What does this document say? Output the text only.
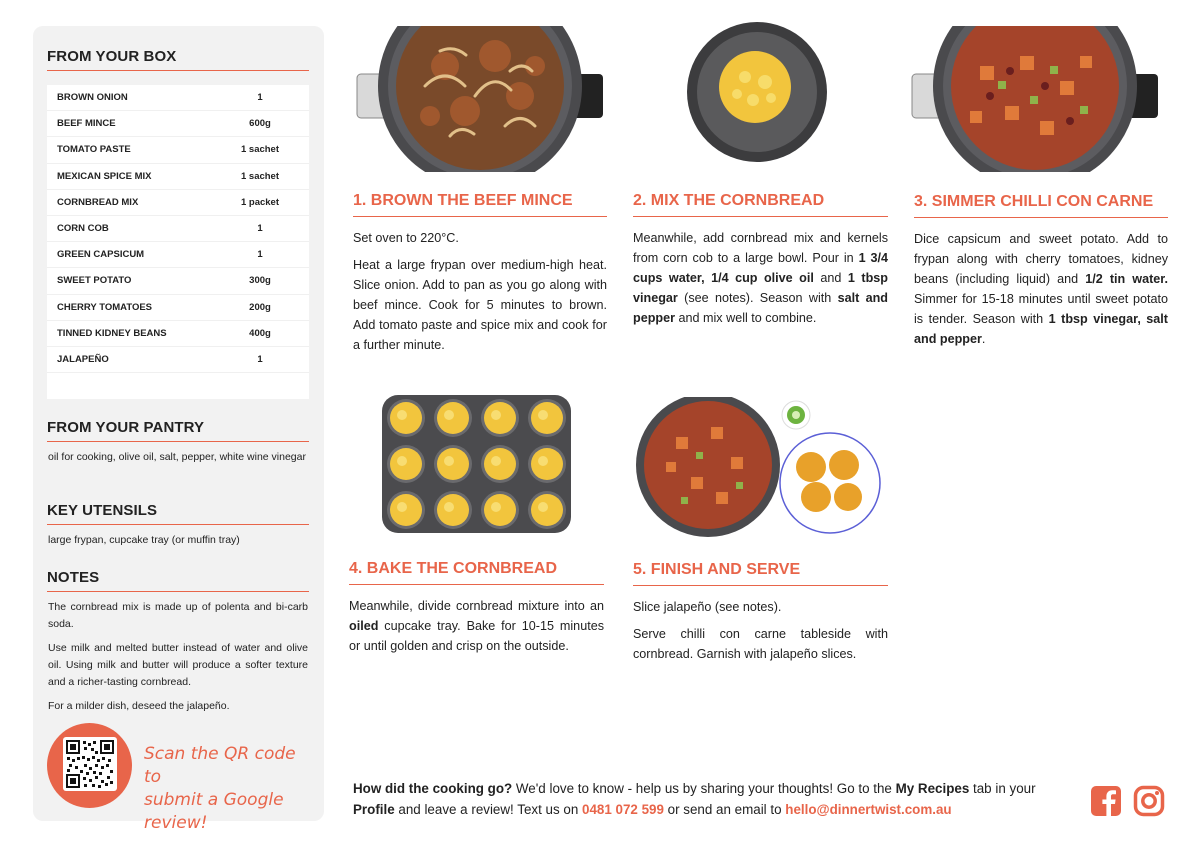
FROM YOUR BOX
BROWN ONION	1
BEEF MINCE	600g
TOMATO PASTE	1 sachet
MEXICAN SPICE MIX	1 sachet
CORNBREAD MIX	1 packet
CORN COB	1
GREEN CAPSICUM	1
SWEET POTATO	300g
CHERRY TOMATOES	200g
TINNED KIDNEY BEANS	400g
JALAPEÑO	1
FROM YOUR PANTRY
oil for cooking, olive oil, salt, pepper, white wine vinegar
KEY UTENSILS
large frypan, cupcake tray (or muffin tray)
NOTES
The cornbread mix is made up of polenta and bi-carb soda.
Use milk and melted butter instead of water and olive oil. Using milk and butter will produce a softer texture and a richer-tasting cornbread.
For a milder dish, deseed the jalapeño.
Scan the QR code to
submit a Google review!
1. BROWN THE BEEF MINCE

Set oven to 220°C.

Heat a large frypan over medium-high heat. Slice onion. Add to pan as you go along with beef mince. Cook for 5 minutes to brown. Add tomato paste and spice mix and cook for a further minute.

2. MIX THE CORNBREAD

Meanwhile, add cornbread mix and kernels from corn cob to a large bowl. Pour in 1 3/4 cups water, 1/4 cup olive oil and 1 tbsp vinegar (see notes). Season with salt and pepper and mix well to combine.

3. SIMMER CHILLI CON CARNE

Dice capsicum and sweet potato. Add to frypan along with cherry tomatoes, kidney beans (including liquid) and 1/2 tin water. Simmer for 15-18 minutes until sweet potato is tender. Season with 1 tbsp vinegar, salt and pepper.

4. BAKE THE CORNBREAD

Meanwhile, divide cornbread mixture into an oiled cupcake tray. Bake for 10-15 minutes or until golden and crisp on the outside.

5. FINISH AND SERVE

Slice jalapeño (see notes).

Serve chilli con carne tableside with cornbread. Garnish with jalapeño slices.

How did the cooking go? We'd love to know - help us by sharing your thoughts! Go to the My Recipes tab in your Profile and leave a review! Text us on 0481 072 599 or send an email to hello@dinnertwist.com.au
